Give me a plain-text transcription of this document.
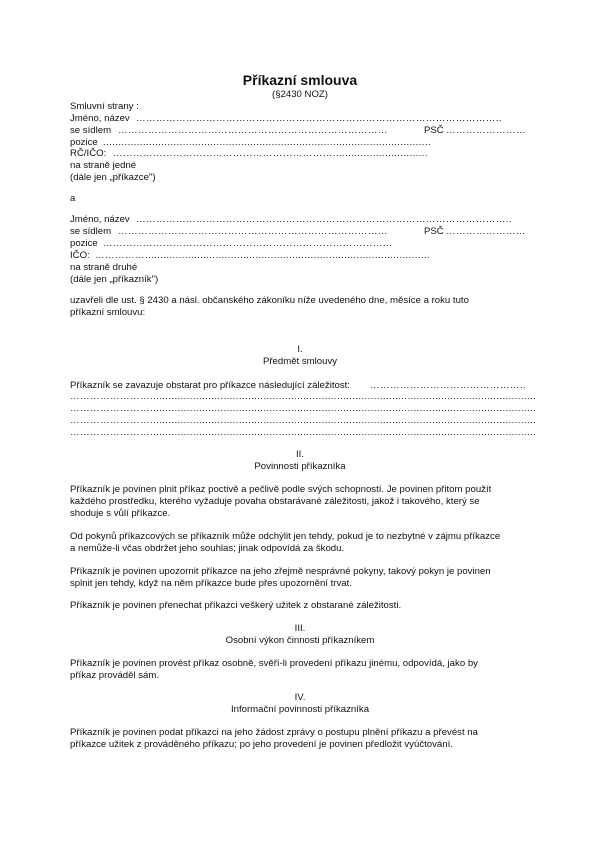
Příkazní smlouva
(§2430 NOZ)
Smluvní strany :
Jméno, název ………………………………………………………………………………………………..
se sídlem ………………………………………………………………………	PSČ ……………………
pozice ...........................................................................................................
RČ/IČO: …………………………………………………………...............................
na straně jedné
(dále jen „příkazce")
a
Jméno, název …………………………………………………………………………………………………..
se sídlem ………………………………………………………………………	PSČ …………………...
pozice ……………………………………………………………………………
IČO: …………….............................................................................................
na straně druhé
(dále jen „příkazník")
uzavřeli dle ust. § 2430 a násl. občanského zákoníku níže uvedeného dne, měsíce a roku tuto
příkazní smlouvu:
I.
Předmět smlouvy
Příkazník se zavazuje obstarat pro příkazce následující záležitost: ………………………………………..
……………………..............................................................................................................................
……………………..............................................................................................................................
……………………..............................................................................................................................
……………………..............................................................................................................................
II.
Povinnosti příkazníka
Příkazník je povinen plnit příkaz poctivě a pečlivě podle svých schopností. Je povinen přitom použít
každého prostředku, kterého vyžaduje povaha obstarávané záležitosti, jakož i takového, který se
shoduje s vůlí příkazce.
Od pokynů příkazcových se příkazník může odchýlit jen tehdy, pokud je to nezbytné v zájmu příkazce
a nemůže-li včas obdržet jeho souhlas; jinak odpovídá za škodu.
Příkazník je povinen upozornit příkazce na jeho zřejmě nesprávné pokyny, takový pokyn je povinen
splnit jen tehdy, když na něm příkazce bude přes upozornění trvat.
Příkazník je povinen přenechat příkazci veškerý užitek z obstarané záležitosti.
III.
Osobní výkon činnosti příkazníkem
Příkazník je povinen provést příkaz osobně, svěří-li provedení příkazu jinému, odpovídá, jako by
příkaz prováděl sám.
IV.
Informační povinnosti příkazníka
Příkazník je povinen podat příkazci na jeho žádost zprávy o postupu plnění příkazu a převést na
příkazce užitek z prováděného příkazu; po jeho provedení je povinen předložit vyúčtování.
